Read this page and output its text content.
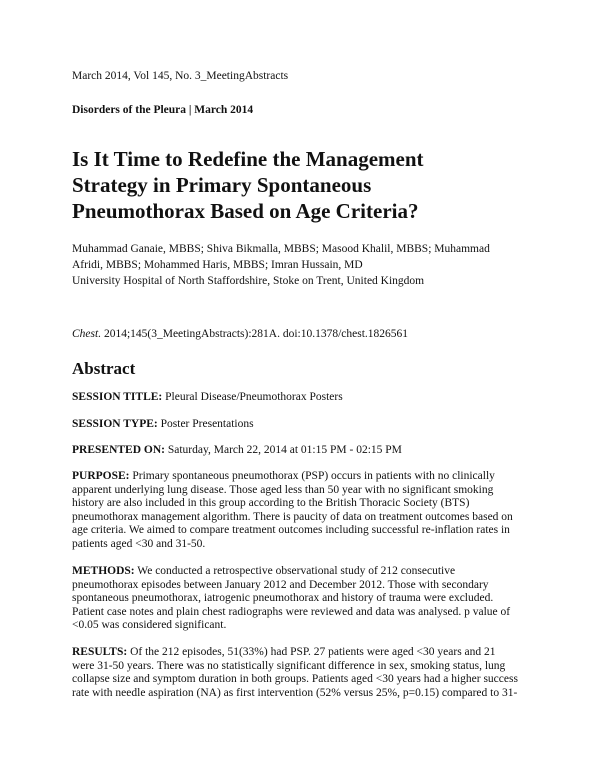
March 2014, Vol 145, No. 3_MeetingAbstracts
Disorders of the Pleura | March 2014
Is It Time to Redefine the Management
Strategy in Primary Spontaneous
Pneumothorax Based on Age Criteria?
Muhammad Ganaie, MBBS; Shiva Bikmalla, MBBS; Masood Khalil, MBBS; Muhammad
Afridi, MBBS; Mohammed Haris, MBBS; Imran Hussain, MD
University Hospital of North Staffordshire, Stoke on Trent, United Kingdom
Chest. 2014;145(3_MeetingAbstracts):281A. doi:10.1378/chest.1826561
Abstract
SESSION TITLE: Pleural Disease/Pneumothorax Posters
SESSION TYPE: Poster Presentations
PRESENTED ON: Saturday, March 22, 2014 at 01:15 PM - 02:15 PM
PURPOSE: Primary spontaneous pneumothorax (PSP) occurs in patients with no clinically
apparent underlying lung disease. Those aged less than 50 year with no significant smoking
history are also included in this group according to the British Thoracic Society (BTS)
pneumothorax management algorithm. There is paucity of data on treatment outcomes based on
age criteria. We aimed to compare treatment outcomes including successful re-inflation rates in
patients aged <30 and 31-50.
METHODS: We conducted a retrospective observational study of 212 consecutive
pneumothorax episodes between January 2012 and December 2012. Those with secondary
spontaneous pneumothorax, iatrogenic pneumothorax and history of trauma were excluded.
Patient case notes and plain chest radiographs were reviewed and data was analysed. p value of
<0.05 was considered significant.
RESULTS: Of the 212 episodes, 51(33%) had PSP. 27 patients were aged <30 years and 21
were 31-50 years. There was no statistically significant difference in sex, smoking status, lung
collapse size and symptom duration in both groups. Patients aged <30 years had a higher success
rate with needle aspiration (NA) as first intervention (52% versus 25%, p=0.15) compared to 31-
